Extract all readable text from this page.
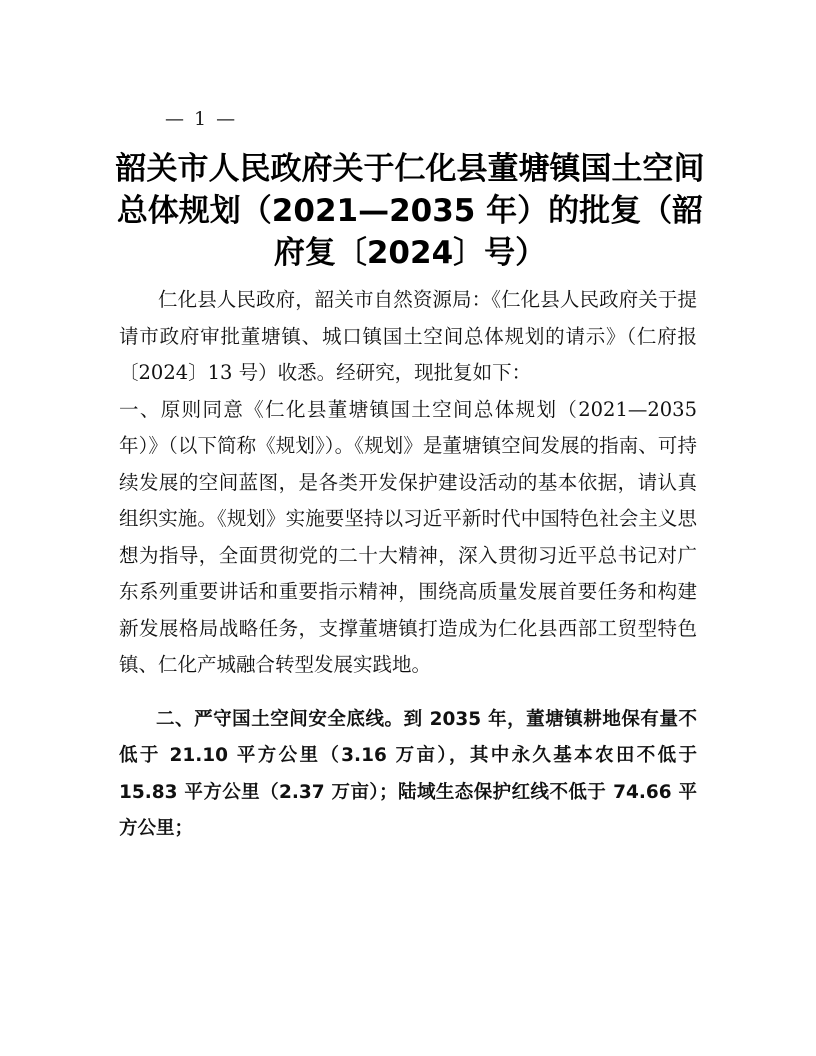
— 1 —
韶关市人民政府关于仁化县董塘镇国土空间总体规划（2021—2035 年）的批复（韶府复〔2024〕号）

仁化县人民政府，韶关市自然资源局：《仁化县人民政府关于提请市政府审批董塘镇、城口镇国土空间总体规划的请示》（仁府报〔2024〕13 号）收悉。经研究，现批复如下：

一、原则同意《仁化县董塘镇国土空间总体规划（2021—2035年）》（以下简称《规划》）。《规划》是董塘镇空间发展的指南、可持续发展的空间蓝图，是各类开发保护建设活动的基本依据，请认真组织实施。《规划》实施要坚持以习近平新时代中国特色社会主义思想为指导，全面贯彻党的二十大精神，深入贯彻习近平总书记对广东系列重要讲话和重要指示精神，围绕高质量发展首要任务和构建新发展格局战略任务，支撑董塘镇打造成为仁化县西部工贸型特色镇、仁化产城融合转型发展实践地。

二、严守国土空间安全底线。到 2035 年，董塘镇耕地保有量不低于 21.10 平方公里（3.16 万亩），其中永久基本农田不低于 15.83 平方公里（2.37 万亩）；陆域生态保护红线不低于 74.66 平方公里；
